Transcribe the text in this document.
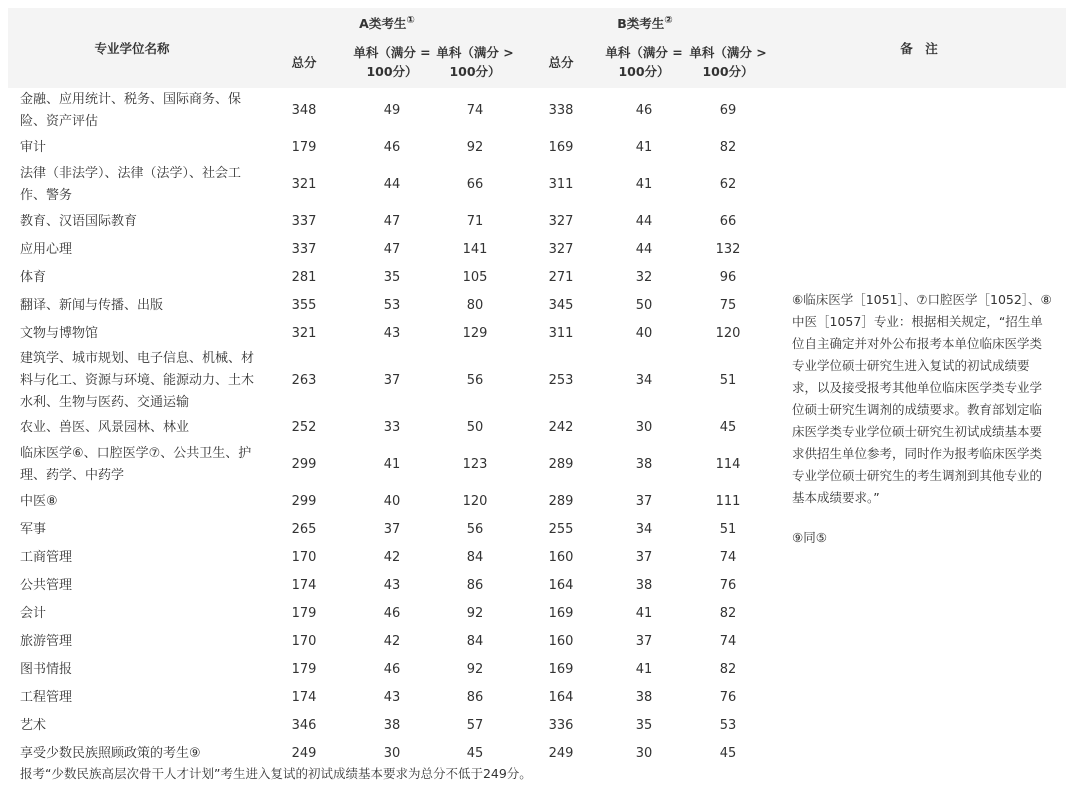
专业学位名称	A类考生①			B类考生②			备　注
	总分	单科（满分 = 100分）	单科（满分 > 100分）	总分	单科（满分 = 100分）	单科（满分 > 100分）	
金融、应用统计、税务、国际商务、保险、资产评估	348	49	74	338	46	69	⑥临床医学［1051］、⑦口腔医学［1052］、⑧中医［1057］专业：根据相关规定，“招生单位自主确定并对外公布报考本单位临床医学类专业学位硕士研究生进入复试的初试成绩要求，以及接受报考其他单位临床医学类专业学位硕士研究生调剂的成绩要求。教育部划定临床医学类专业学位硕士研究生初试成绩基本要求供招生单位参考，同时作为报考临床医学类专业学位硕士研究生的考生调剂到其他专业的基本成绩要求。”
⑨同⑤

审计	179	46	92	169	41	82	
法律（非法学）、法律（法学）、社会工作、警务	321	44	66	311	41	62	
教育、汉语国际教育	337	47	71	327	44	66	
应用心理	337	47	141	327	44	132	
体育	281	35	105	271	32	96	
翻译、新闻与传播、出版	355	53	80	345	50	75	
文物与博物馆	321	43	129	311	40	120	
建筑学、城市规划、电子信息、机械、材料与化工、资源与环境、能源动力、土木水利、生物与医药、交通运输	263	37	56	253	34	51	
农业、兽医、风景园林、林业	252	33	50	242	30	45	
临床医学⑥、口腔医学⑦、公共卫生、护理、药学、中药学	299	41	123	289	38	114	
中医⑧	299	40	120	289	37	111	
军事	265	37	56	255	34	51	
工商管理	170	42	84	160	37	74	
公共管理	174	43	86	164	38	76	
会计	179	46	92	169	41	82	
旅游管理	170	42	84	160	37	74	
图书情报	179	46	92	169	41	82	
工程管理	174	43	86	164	38	76	
艺术	346	38	57	336	35	53	
享受少数民族照顾政策的考生⑨	249	30	45	249	30	45	
报考“少数民族高层次骨干人才计划”考生进入复试的初试成绩基本要求为总分不低于249分。
